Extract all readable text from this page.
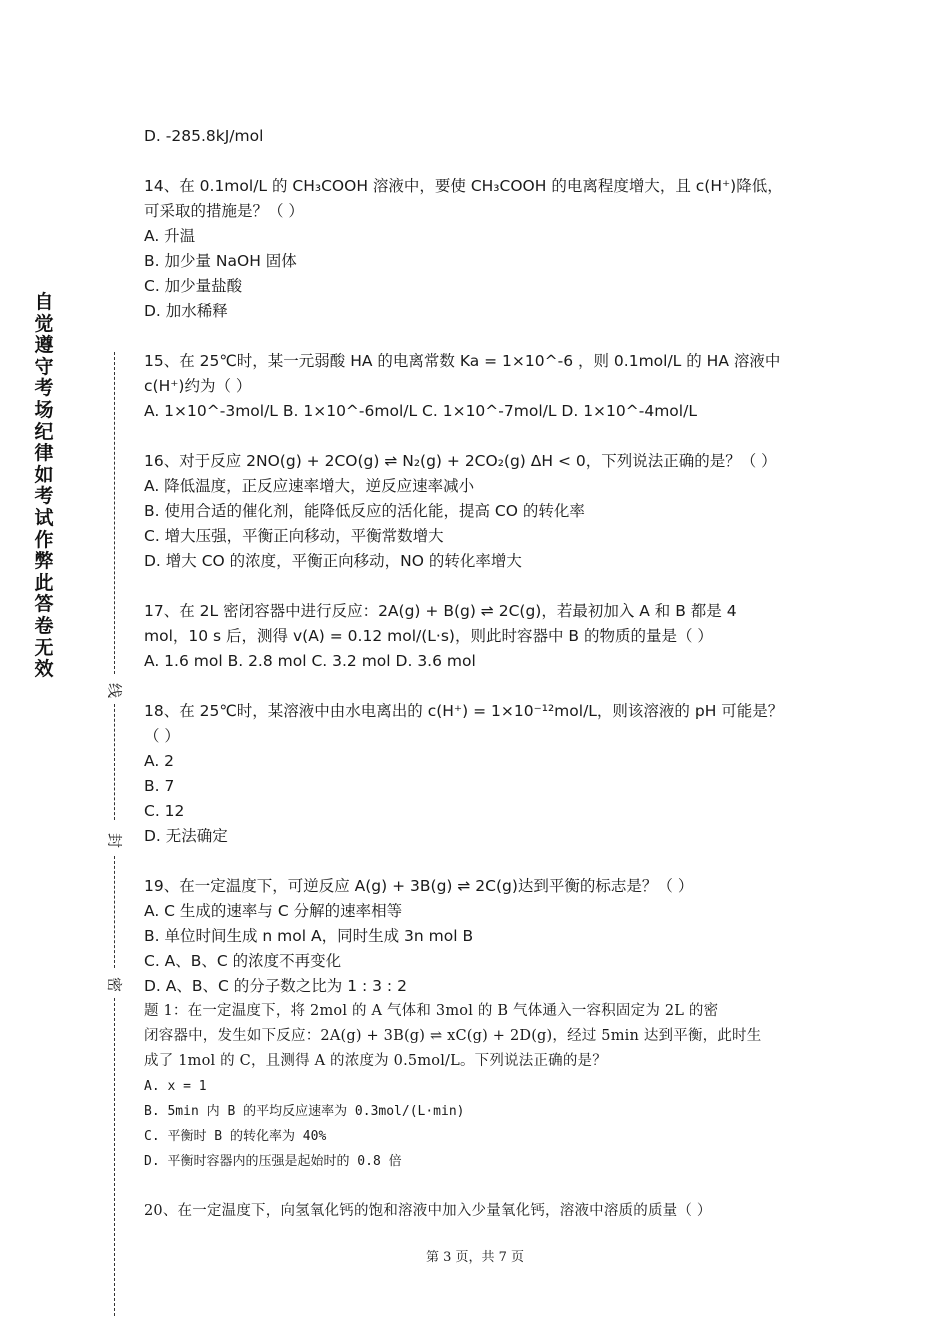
自觉遵守考场纪律如考试作弊此答卷无效
线
封
密
D. -285.8kJ/mol
14、在 0.1mol/L 的 CH₃COOH 溶液中，要使 CH₃COOH 的电离程度增大，且 c(H⁺)降低，
可采取的措施是？（ ）
A. 升温
B. 加少量 NaOH 固体
C. 加少量盐酸
D. 加水稀释
15、在 25℃时，某一元弱酸 HA 的电离常数 Ka = 1×10^-6 ，则 0.1mol/L 的 HA 溶液中
c(H⁺)约为（ ）
A. 1×10^-3mol/L B. 1×10^-6mol/L C. 1×10^-7mol/L D. 1×10^-4mol/L
16、对于反应 2NO(g) + 2CO(g) ⇌ N₂(g) + 2CO₂(g) ΔH < 0，下列说法正确的是？（ ）
A. 降低温度，正反应速率增大，逆反应速率减小
B. 使用合适的催化剂，能降低反应的活化能，提高 CO 的转化率
C. 增大压强，平衡正向移动，平衡常数增大
D. 增大 CO 的浓度，平衡正向移动，NO 的转化率增大
17、在 2L 密闭容器中进行反应：2A(g) + B(g) ⇌ 2C(g)，若最初加入 A 和 B 都是 4
mol，10 s 后，测得 v(A) = 0.12 mol/(L·s)，则此时容器中 B 的物质的量是（ ）
A. 1.6 mol B. 2.8 mol C. 3.2 mol D. 3.6 mol
18、在 25℃时，某溶液中由水电离出的 c(H⁺) = 1×10⁻¹²mol/L，则该溶液的 pH 可能是？
（ ）
A. 2
B. 7
C. 12
D. 无法确定
19、在一定温度下，可逆反应 A(g) + 3B(g) ⇌ 2C(g)达到平衡的标志是？（ ）
A. C 生成的速率与 C 分解的速率相等
B. 单位时间生成 n mol A，同时生成 3n mol B
C. A、B、C 的浓度不再变化
D. A、B、C 的分子数之比为 1 : 3 : 2
题 1：在一定温度下，将 2mol 的 A 气体和 3mol 的 B 气体通入一容积固定为 2L 的密
闭容器中，发生如下反应：2A(g) + 3B(g) ⇌ xC(g) + 2D(g)，经过 5min 达到平衡，此时生
成了 1mol 的 C，且测得 A 的浓度为 0.5mol/L。下列说法正确的是？
A. x = 1
B. 5min 内 B 的平均反应速率为 0.3mol/(L·min)
C. 平衡时 B 的转化率为 40%
D. 平衡时容器内的压强是起始时的 0.8 倍
20、在一定温度下，向氢氧化钙的饱和溶液中加入少量氧化钙，溶液中溶质的质量（ ）
第 3 页，共 7 页
